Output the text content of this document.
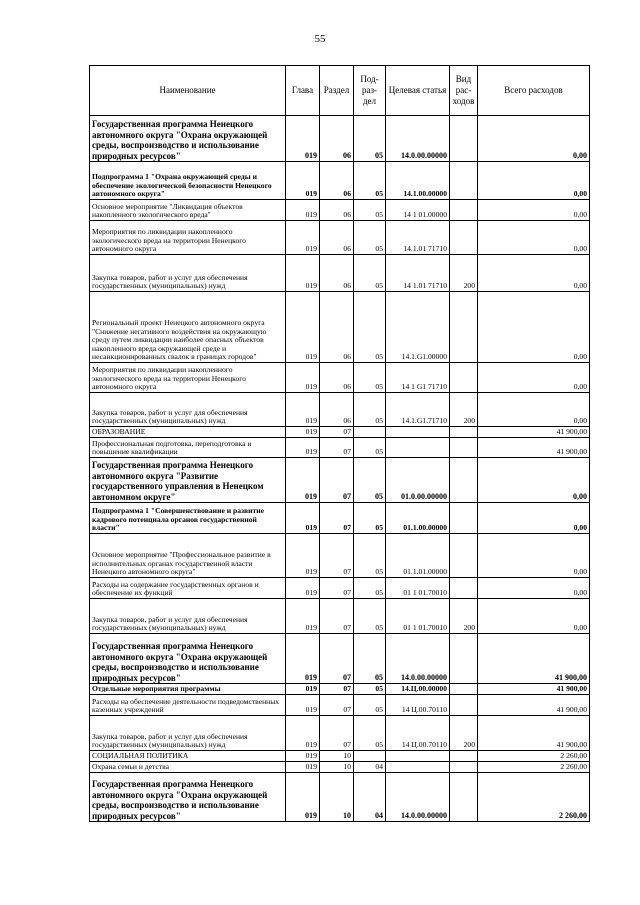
55
Наименование	Глава	Раздел	Под-раз-дел	Целевая статья	Вид рас-ходов	Всего расходов
Государственная программа Ненецкого автономного округа "Охрана окружающей среды, воспроизводство и использование природных ресурсов"	019	06	05	14.0.00.00000		0,00
Подпрограмма 1 "Охрана окружающей среды и обеспечение экологической безопасности Ненецкого автономного округа"	019	06	05	14.1.00.00000		0,00
Основное мероприятие "Ликвидация объектов накопленного экологического вреда"	019	06	05	14 1 01.00000		0,00
Мероприятия по ликвидации накопленного экологического вреда на территории Ненецкого автономного округа	019	06	05	14.1.01 71710		0,00
Закупка товаров, работ и услуг для обеспечения государственных (муниципальных) нужд	019	06	05	14 1.01 71710	200	0,00
Региональный проект Ненецкого автономного округа "Снижение негативного воздействия на окружающую среду путем ликвидации наиболее опасных объектов накопленного вреда окружающей среде и несанкционированных свалок в границах городов"	019	06	05	14.1.G1.00000		0,00
Мероприятия по ликвидации накопленного экологического вреда на территории Ненецкого автономного округа	019	06	05	14 1 G1 71710		0,00
Закупка товаров, работ и услуг для обеспечения государственных (муниципальных) нужд	019	06	05	14.1.G1.71710	200	0,00
ОБРАЗОВАНИЕ	019	07				41 900,00
Профессиональная подготовка, переподготовка и повышение квалификации	019	07	05			41 900,00
Государственная программа Ненецкого автономного округа "Развитие государственного управления в Ненецком автономном округе"	019	07	05	01.0.00.00000		0,00
Подпрограмма 1 "Совершенствование и развитие кадрового потенциала органов государственной власти"	019	07	05	01.1.00.00000		0,00
Основное мероприятие "Профессиональное развитие в исполнительных органах государственной власти Ненецкого автономного округа"	019	07	05	01.1.01.00000		0,00
Расходы на содержание государственных органов и обеспечение их функций	019	07	05	01 1 01.70010		0,00
Закупка товаров, работ и услуг для обеспечения государственных (муниципальных) нужд	019	07	05	01 1 01.70010	200	0,00
Государственная программа Ненецкого автономного округа "Охрана окружающей среды, воспроизводство и использование природных ресурсов"	019	07	05	14.0.00.00000		41 900,00
Отдельные мероприятия программы	019	07	05	14.Ц.00.00000		41 900,00
Расходы на обеспечение деятельности подведомственных казенных учреждений	019	07	05	14 Ц.00.70110		41 900,00
Закупка товаров, работ и услуг для обеспечения государственных (муниципальных) нужд	019	07	05	14 Ц.00.70110	200	41 900,00
СОЦИАЛЬНАЯ ПОЛИТИКА	019	10				2 260,00
Охрана семьи и детства	019	10	04			2 260,00
Государственная программа Ненецкого автономного округа "Охрана окружающей среды, воспроизводство и использование природных ресурсов"	019	10	04	14.0.00.00000		2 260,00
